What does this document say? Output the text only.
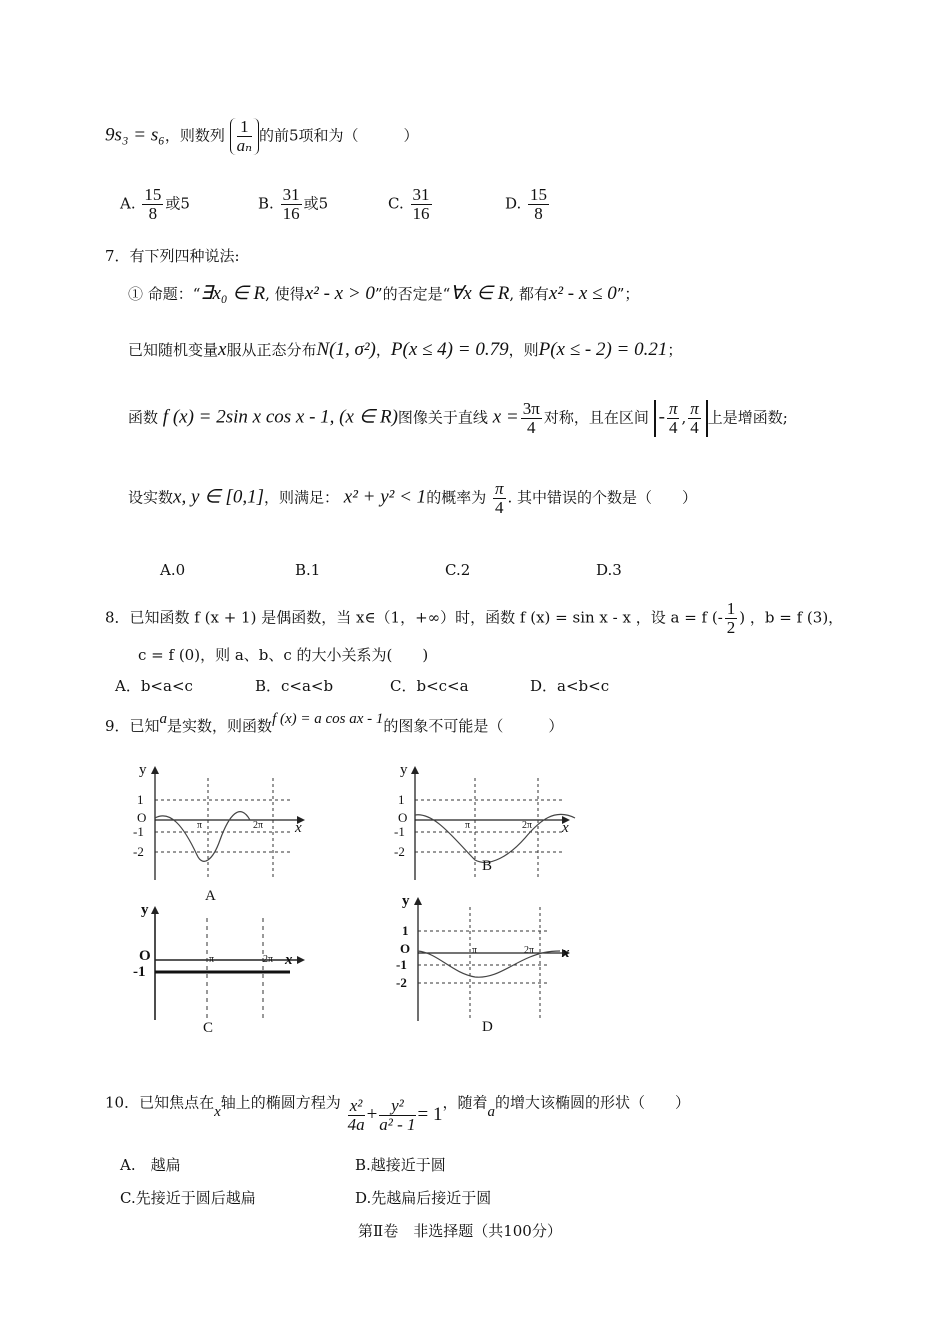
9s₃ = s₆，则数列 $\frac{1}{\text{aₙ}}$ 的前5项和为（　　　）
A. $\frac{15}{8}$ 或5	B. $\frac{31}{16}$ 或5	C. $\frac{31}{16}$	D. $\frac{15}{8}$
7．有下列四种说法:
① 命题：“∃x₀ ∈ R, 使得x² - x > 0”的否定是“∀x ∈ R, 都有x² - x ≤ 0”；
已知随机变量x服从正态分布N(1, σ²)，P(x ≤ 4) = 0.79，则P(x ≤ - 2) = 0.21；
函数 f (x) = 2sin x cos x - 1, (x ∈ R)图像关于直线 $x = \frac{3\pi}{4}$ 对称，且在区间 - $\frac{\pi}{4}$ , $\frac{\pi}{4}$ 上是增函数;
设实数x, y ∈ [0,1]，则满足： x² + y² < 1的概率为 $\frac{\pi}{4}$ . 其中错误的个数是（　　）
A.0	B.1	C.2	D.3
8．已知函数 f (x + 1) 是偶函数，当 x∈（1，+∞）时，函数 f (x) = sin x - x ，设 a = f (- $\frac{1}{2}$ ) ，b = f (3)，
c = f (0)，则 a、b、c 的大小关系为(　　)
A．b<a<c	B．c<a<b	C．b<c<a	D．a<b<c
9．已知a是实数，则函数f (x) = a cos ax - 1的图象不可能是（　　　）
y
1
O
-1
-2
π	2π x
A
y
1
O
-1
-2
π	2π x
B
y
O
-1
π	2π x
C
y
1
O
-1
-2
π	2π x
D
10．已知焦点在x轴上的椭圆方程为 $\frac{\text{x²}}{4a} + \frac{\text{y²}}{\text{a² - 1}} = 1$，随着a的增大该椭圆的形状（　　）
A.　越扁	B.越接近于圆
C.先接近于圆后越扁	D.先越扁后接近于圆
第Ⅱ卷　非选择题（共100分）
